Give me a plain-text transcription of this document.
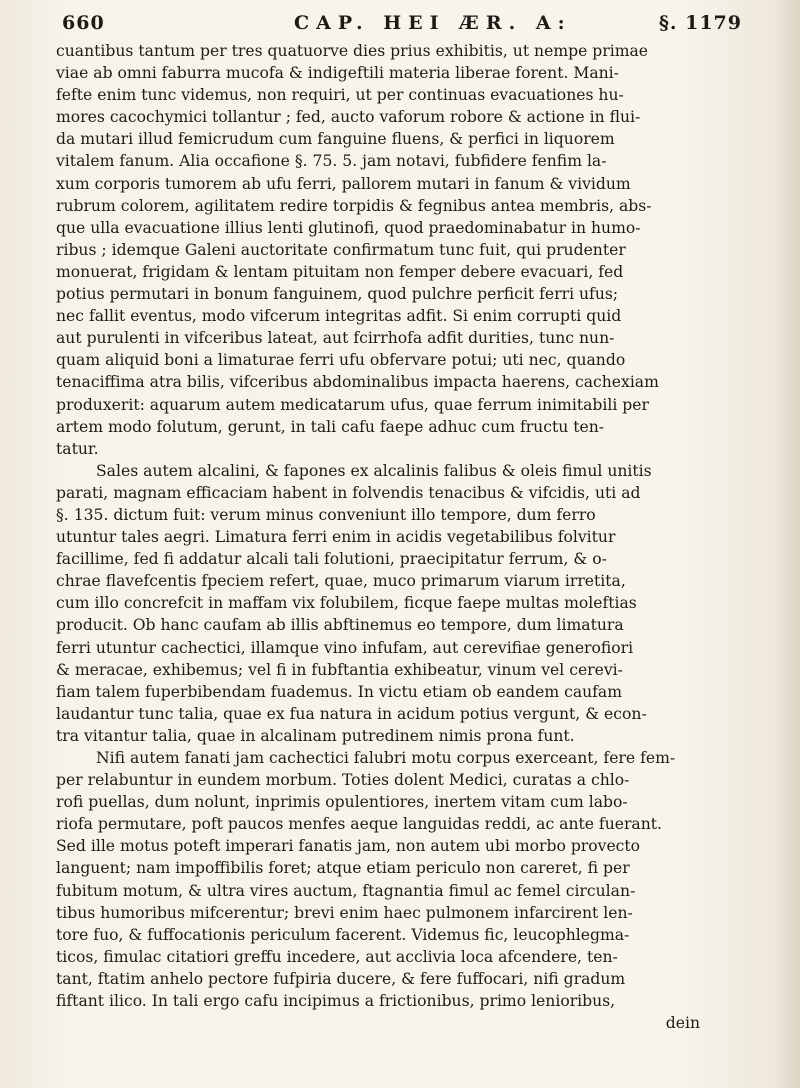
660	CAP. HEI ÆR. A:	§. 1179
cuantibus tantum per tres quatuorve dies prius exhibitis, ut nempe primae
viae ab omni faburra mucofa & indigeftili materia liberae forent. Mani-
fefte enim tunc videmus, non requiri, ut per continuas evacuationes hu-
mores cacochymici tollantur ; fed, aucto vaforum robore & actione in flui-
da mutari illud femicrudum cum fanguine fluens, & perfici in liquorem
vitalem fanum. Alia occafione §. 75. 5. jam notavi, fubfidere fenfim la-
xum corporis tumorem ab ufu ferri, pallorem mutari in fanum & vividum
rubrum colorem, agilitatem redire torpidis & fegnibus antea membris, abs-
que ulla evacuatione illius lenti glutinofi, quod praedominabatur in humo-
ribus ; idemque Galeni auctoritate confirmatum tunc fuit, qui prudenter
monuerat, frigidam & lentam pituitam non femper debere evacuari, fed
potius permutari in bonum fanguinem, quod pulchre perficit ferri ufus;
nec fallit eventus, modo vifcerum integritas adfit. Si enim corrupti quid
aut purulenti in vifceribus lateat, aut fcirrhofa adfit durities, tunc nun-
quam aliquid boni a limaturae ferri ufu obfervare potui; uti nec, quando
tenaciffima atra bilis, vifceribus abdominalibus impacta haerens, cachexiam
produxerit: aquarum autem medicatarum ufus, quae ferrum inimitabili per
artem modo folutum, gerunt, in tali cafu faepe adhuc cum fructu ten-
tatur.
Sales autem alcalini, & fapones ex alcalinis falibus & oleis fimul unitis
parati, magnam efficaciam habent in folvendis tenacibus & vifcidis, uti ad
§. 135. dictum fuit: verum minus conveniunt illo tempore, dum ferro
utuntur tales aegri. Limatura ferri enim in acidis vegetabilibus folvitur
facillime, fed fi addatur alcali tali folutioni, praecipitatur ferrum, & o-
chrae flavefcentis fpeciem refert, quae, muco primarum viarum irretita,
cum illo concrefcit in maffam vix folubilem, ficque faepe multas moleftias
producit. Ob hanc caufam ab illis abftinemus eo tempore, dum limatura
ferri utuntur cachectici, illamque vino infufam, aut cerevifiae generofiori
& meracae, exhibemus; vel fi in fubftantia exhibeatur, vinum vel cerevi-
fiam talem fuperbibendam fuademus. In victu etiam ob eandem caufam
laudantur tunc talia, quae ex fua natura in acidum potius vergunt, & econ-
tra vitantur talia, quae in alcalinam putredinem nimis prona funt.
Nifi autem fanati jam cachectici falubri motu corpus exerceant, fere fem-
per relabuntur in eundem morbum. Toties dolent Medici, curatas a chlo-
rofi puellas, dum nolunt, inprimis opulentiores, inertem vitam cum labo-
riofa permutare, poft paucos menfes aeque languidas reddi, ac ante fuerant.
Sed ille motus poteft imperari fanatis jam, non autem ubi morbo provecto
languent; nam impoffibilis foret; atque etiam periculo non careret, fi per
fubitum motum, & ultra vires auctum, ftagnantia fimul ac femel circulan-
tibus humoribus mifcerentur; brevi enim haec pulmonem infarcirent len-
tore fuo, & fuffocationis periculum facerent. Videmus fic, leucophlegma-
ticos, fimulac citatiori greffu incedere, aut acclivia loca afcendere, ten-
tant, ftatim anhelo pectore fufpiria ducere, & fere fuffocari, nifi gradum
fiftant ilico. In tali ergo cafu incipimus a frictionibus, primo lenioribus,
dein
